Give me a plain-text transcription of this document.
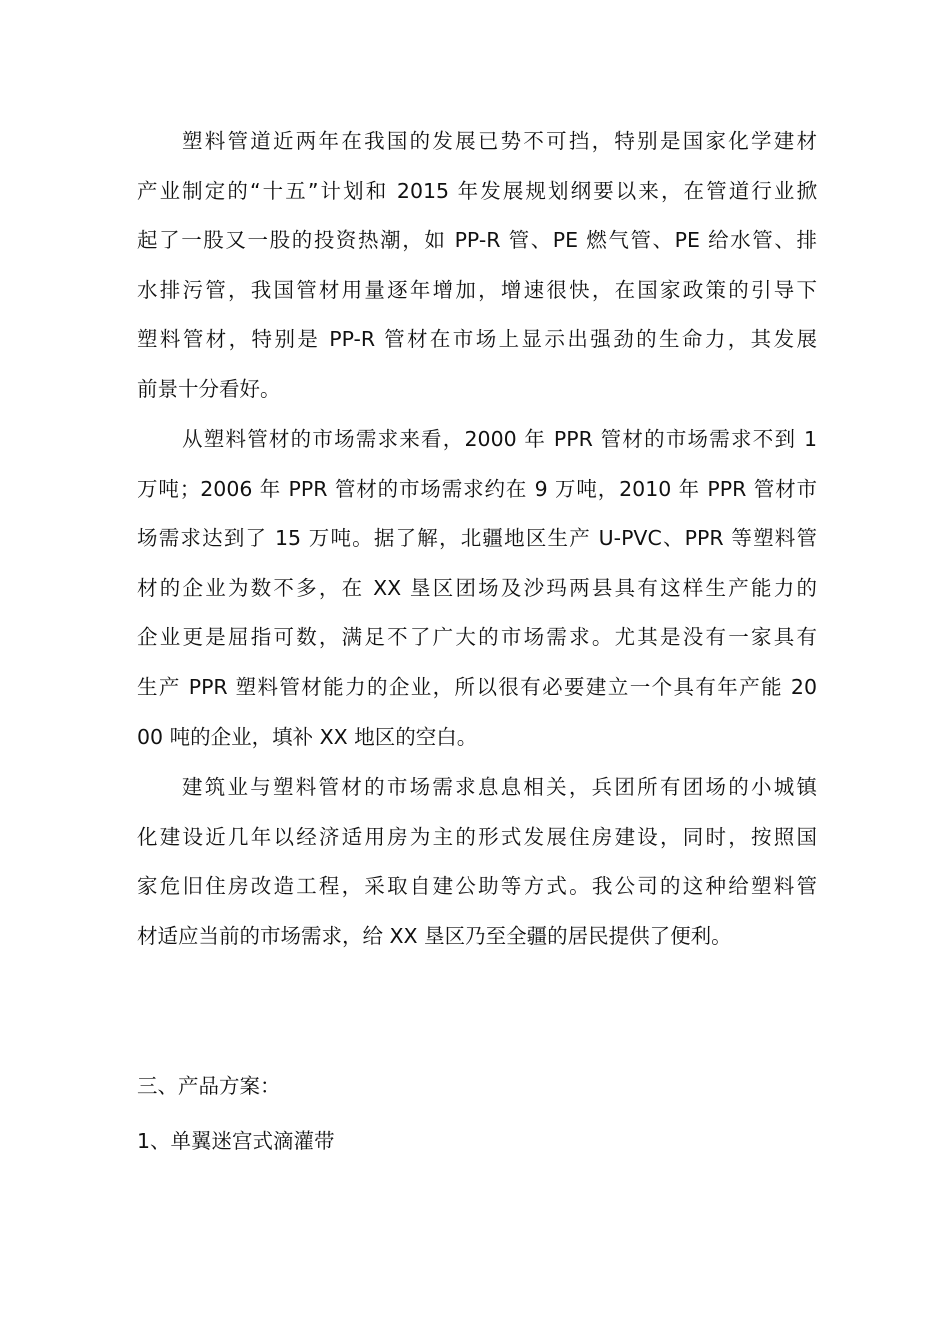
塑料管道近两年在我国的发展已势不可挡，特别是国家化学建材
产业制定的“十五”计划和 2015 年发展规划纲要以来，在管道行业掀
起了一股又一股的投资热潮，如 PP-R 管、PE 燃气管、PE 给水管、排
水排污管，我国管材用量逐年增加，增速很快，在国家政策的引导下
塑料管材，特别是 PP-R 管材在市场上显示出强劲的生命力，其发展
前景十分看好。
从塑料管材的市场需求来看，2000 年 PPR 管材的市场需求不到 1
万吨；2006 年 PPR 管材的市场需求约在 9 万吨，2010 年 PPR 管材市
场需求达到了 15 万吨。据了解，北疆地区生产 U-PVC、PPR 等塑料管
材的企业为数不多，在 XX 垦区团场及沙玛两县具有这样生产能力的
企业更是屈指可数，满足不了广大的市场需求。尤其是没有一家具有
生产 PPR 塑料管材能力的企业，所以很有必要建立一个具有年产能 20
00 吨的企业，填补 XX 地区的空白。
建筑业与塑料管材的市场需求息息相关，兵团所有团场的小城镇
化建设近几年以经济适用房为主的形式发展住房建设，同时，按照国
家危旧住房改造工程，采取自建公助等方式。我公司的这种给塑料管
材适应当前的市场需求，给 XX 垦区乃至全疆的居民提供了便利。
三、产品方案：
1、单翼迷宫式滴灌带
